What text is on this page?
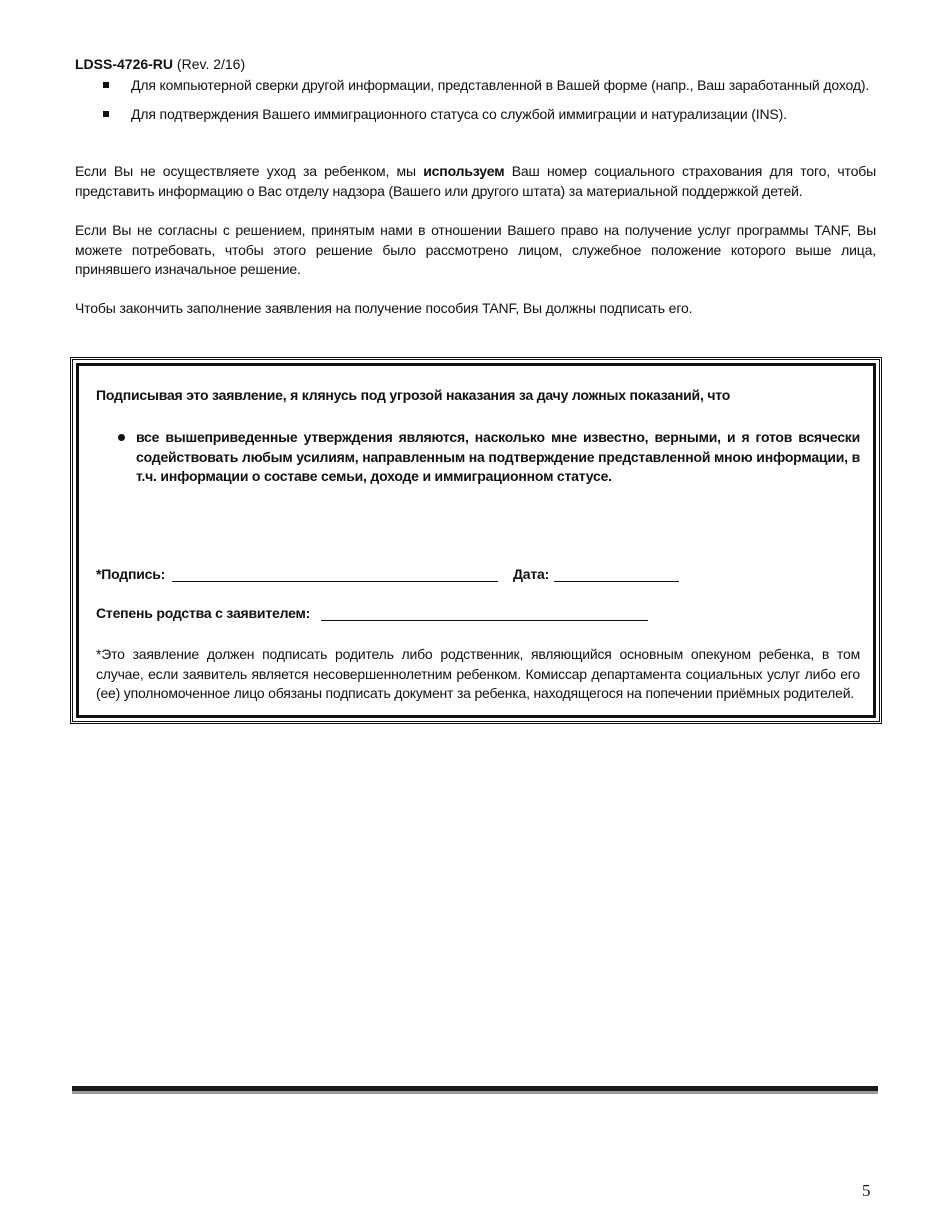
LDSS-4726-RU (Rev. 2/16)
Для компьютерной сверки другой информации, представленной в Вашей форме (напр., Ваш заработанный доход).
Для подтверждения Вашего иммиграционного статуса со службой иммиграции и натурализации (INS).
Если Вы не осуществляете уход за ребенком, мы используем Ваш номер социального страхования для того, чтобы представить информацию о Вас отделу надзора (Вашего или другого штата) за материальной поддержкой детей.
Если Вы не согласны с решением, принятым нами в отношении Вашего право на получение услуг программы TANF, Вы можете потребовать, чтобы этого решение было рассмотрено лицом, служебное положение которого выше лица, принявшего изначальное решение.
Чтобы закончить заполнение заявления на получение пособия TANF, Вы должны подписать его.
Подписывая это заявление, я клянусь под угрозой наказания за дачу ложных показаний, что
все вышеприведенные утверждения являются, насколько мне известно, верными, и я готов всячески содействовать любым усилиям, направленным на подтверждение представленной мною информации, в т.ч. информации о составе семьи, доходе и иммиграционном статусе.
*Подпись:	Дата:
Степень родства с заявителем:
*Это заявление должен подписать родитель либо родственник, являющийся основным опекуном ребенка, в том случае, если заявитель является несовершеннолетним ребенком. Комиссар департамента социальных услуг либо его (ее) уполномоченное лицо обязаны подписать документ за ребенка, находящегося на попечении приёмных родителей.
5
